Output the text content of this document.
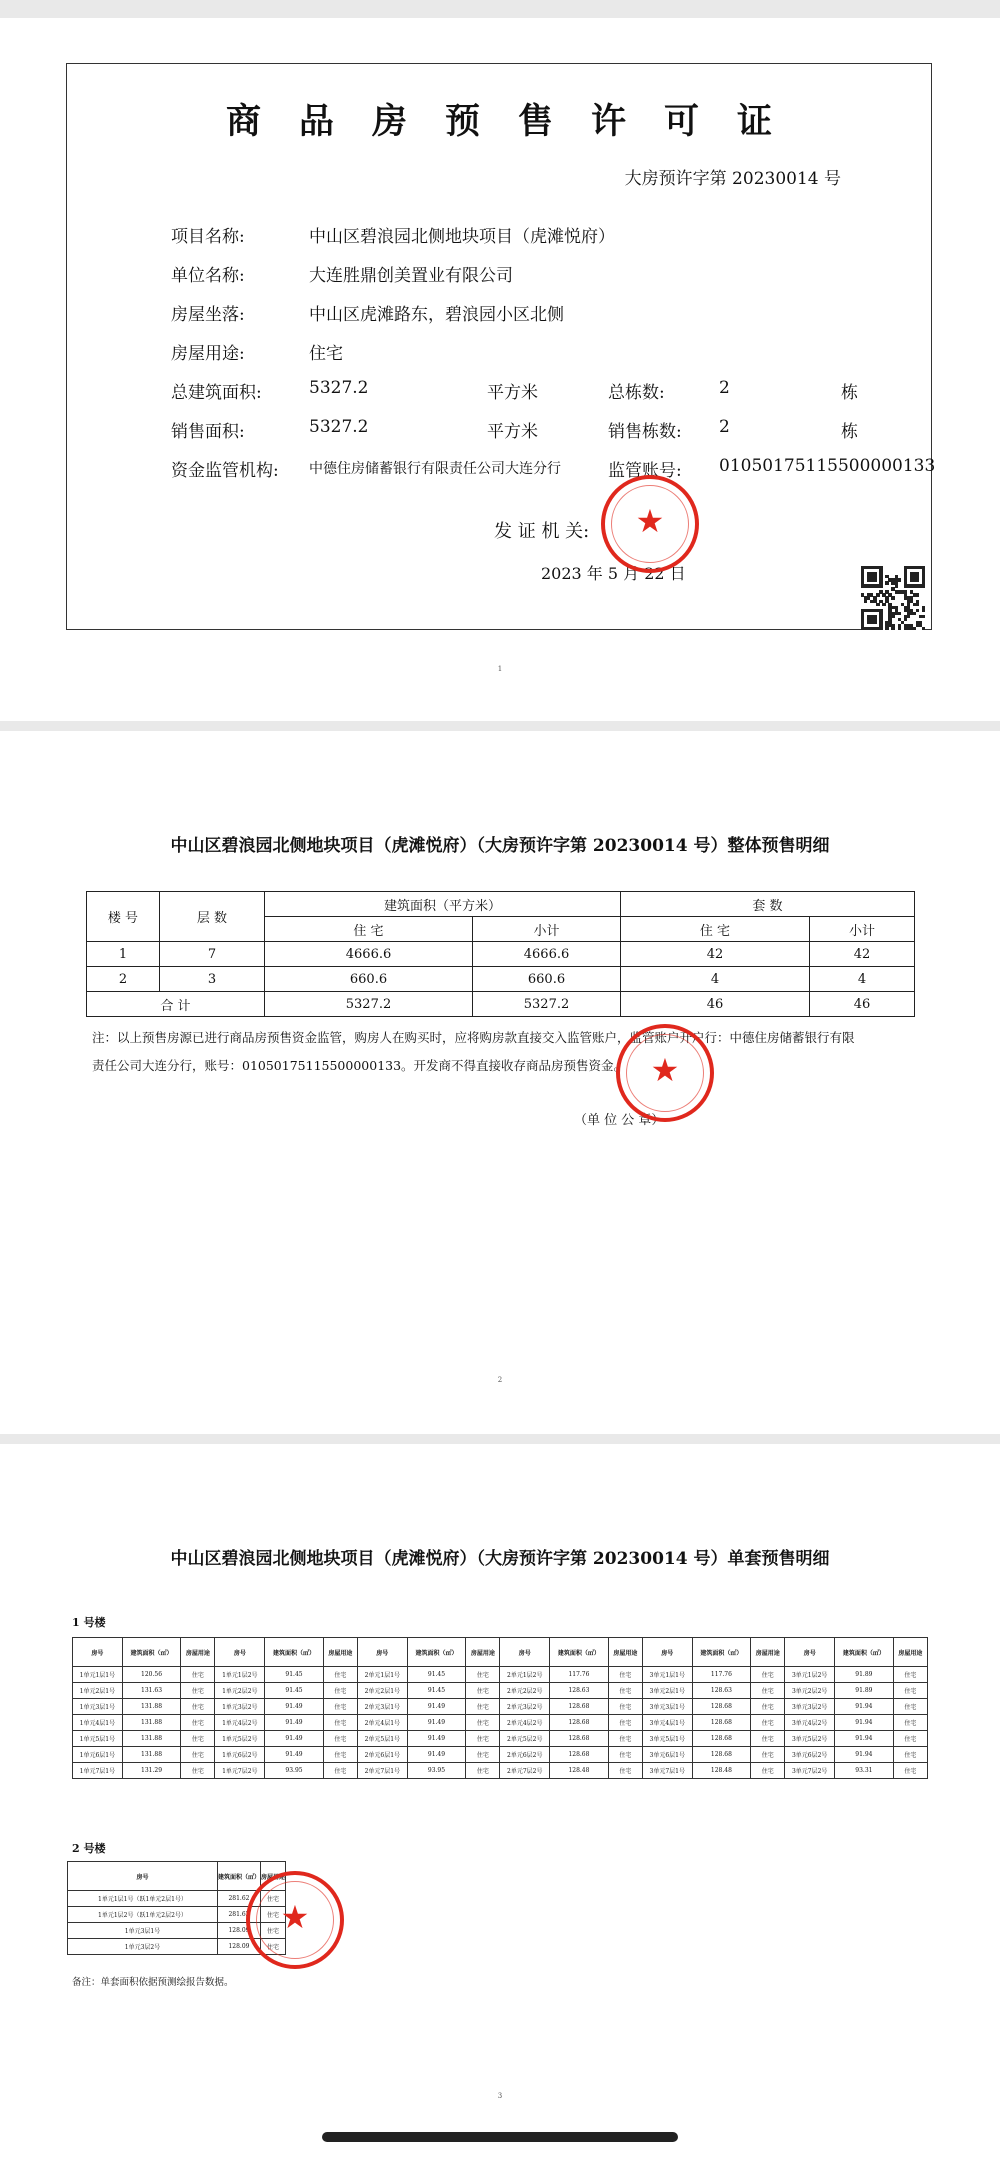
商品房预售许可证
大房预许字第 20230014 号
项目名称:	中山区碧浪园北侧地块项目（虎滩悦府）
单位名称:	大连胜鼎创美置业有限公司
房屋坐落:	中山区虎滩路东，碧浪园小区北侧
房屋用途:	住宅
总建筑面积:	5327.2	平方米	总栋数:	2	栋
销售面积:	5327.2	平方米	销售栋数: 2	栋
资金监管机构: 中德住房储蓄银行有限责任公司大连分行	监管账号: 01050175115500000133
发 证 机 关:
2023 年 5 月 22 日
★
1
中山区碧浪园北侧地块项目（虎滩悦府）（大房预许字第 20230014 号）整体预售明细
楼 号	层 数	建筑面积（平方米）		套 数	
		住 宅	小计	住 宅	小计
1	7	4666.6	4666.6	42	42
2	3	660.6	660.6	4	4
合 计		5327.2	5327.2	46	46
注：以上预售房源已进行商品房预售资金监管，购房人在购买时，应将购房款直接交入监管账户，监管账户开户行：中德住房储蓄银行有限
责任公司大连分行，账号：01050175115500000133。开发商不得直接收存商品房预售资金。
（单 位 公 章）
★
2
中山区碧浪园北侧地块项目（虎滩悦府）（大房预许字第 20230014 号）单套预售明细
1 号楼
房号	建筑面积（㎡）	房屋用途	房号	建筑面积（㎡）	房屋用途	房号	建筑面积（㎡）	房屋用途	房号	建筑面积（㎡）	房屋用途	房号	建筑面积（㎡）	房屋用途	房号	建筑面积（㎡）	房屋用途
1单元1层1号	120.56	住宅	1单元1层2号	91.45	住宅	2单元1层1号	91.45	住宅	2单元1层2号	117.76	住宅	3单元1层1号	117.76	住宅	3单元1层2号	91.89	住宅
1单元2层1号	131.63	住宅	1单元2层2号	91.45	住宅	2单元2层1号	91.45	住宅	2单元2层2号	128.63	住宅	3单元2层1号	128.63	住宅	3单元2层2号	91.89	住宅
1单元3层1号	131.88	住宅	1单元3层2号	91.49	住宅	2单元3层1号	91.49	住宅	2单元3层2号	128.68	住宅	3单元3层1号	128.68	住宅	3单元3层2号	91.94	住宅
1单元4层1号	131.88	住宅	1单元4层2号	91.49	住宅	2单元4层1号	91.49	住宅	2单元4层2号	128.68	住宅	3单元4层1号	128.68	住宅	3单元4层2号	91.94	住宅
1单元5层1号	131.88	住宅	1单元5层2号	91.49	住宅	2单元5层1号	91.49	住宅	2单元5层2号	128.68	住宅	3单元5层1号	128.68	住宅	3单元5层2号	91.94	住宅
1单元6层1号	131.88	住宅	1单元6层2号	91.49	住宅	2单元6层1号	91.49	住宅	2单元6层2号	128.68	住宅	3单元6层1号	128.68	住宅	3单元6层2号	91.94	住宅
1单元7层1号	131.29	住宅	1单元7层2号	93.95	住宅	2单元7层1号	93.95	住宅	2单元7层2号	128.48	住宅	3单元7层1号	128.48	住宅	3单元7层2号	93.31	住宅
2 号楼
房号	建筑面积（㎡）	房屋用途
1单元1层1号（跃1单元2层1号）	281.62	住宅
1单元1层2号（跃1单元2层2号）	281.62	住宅
1单元3层1号	128.09	住宅
1单元3层2号	128.09	住宅
★
备注：单套面积依据预测绘报告数据。
3
